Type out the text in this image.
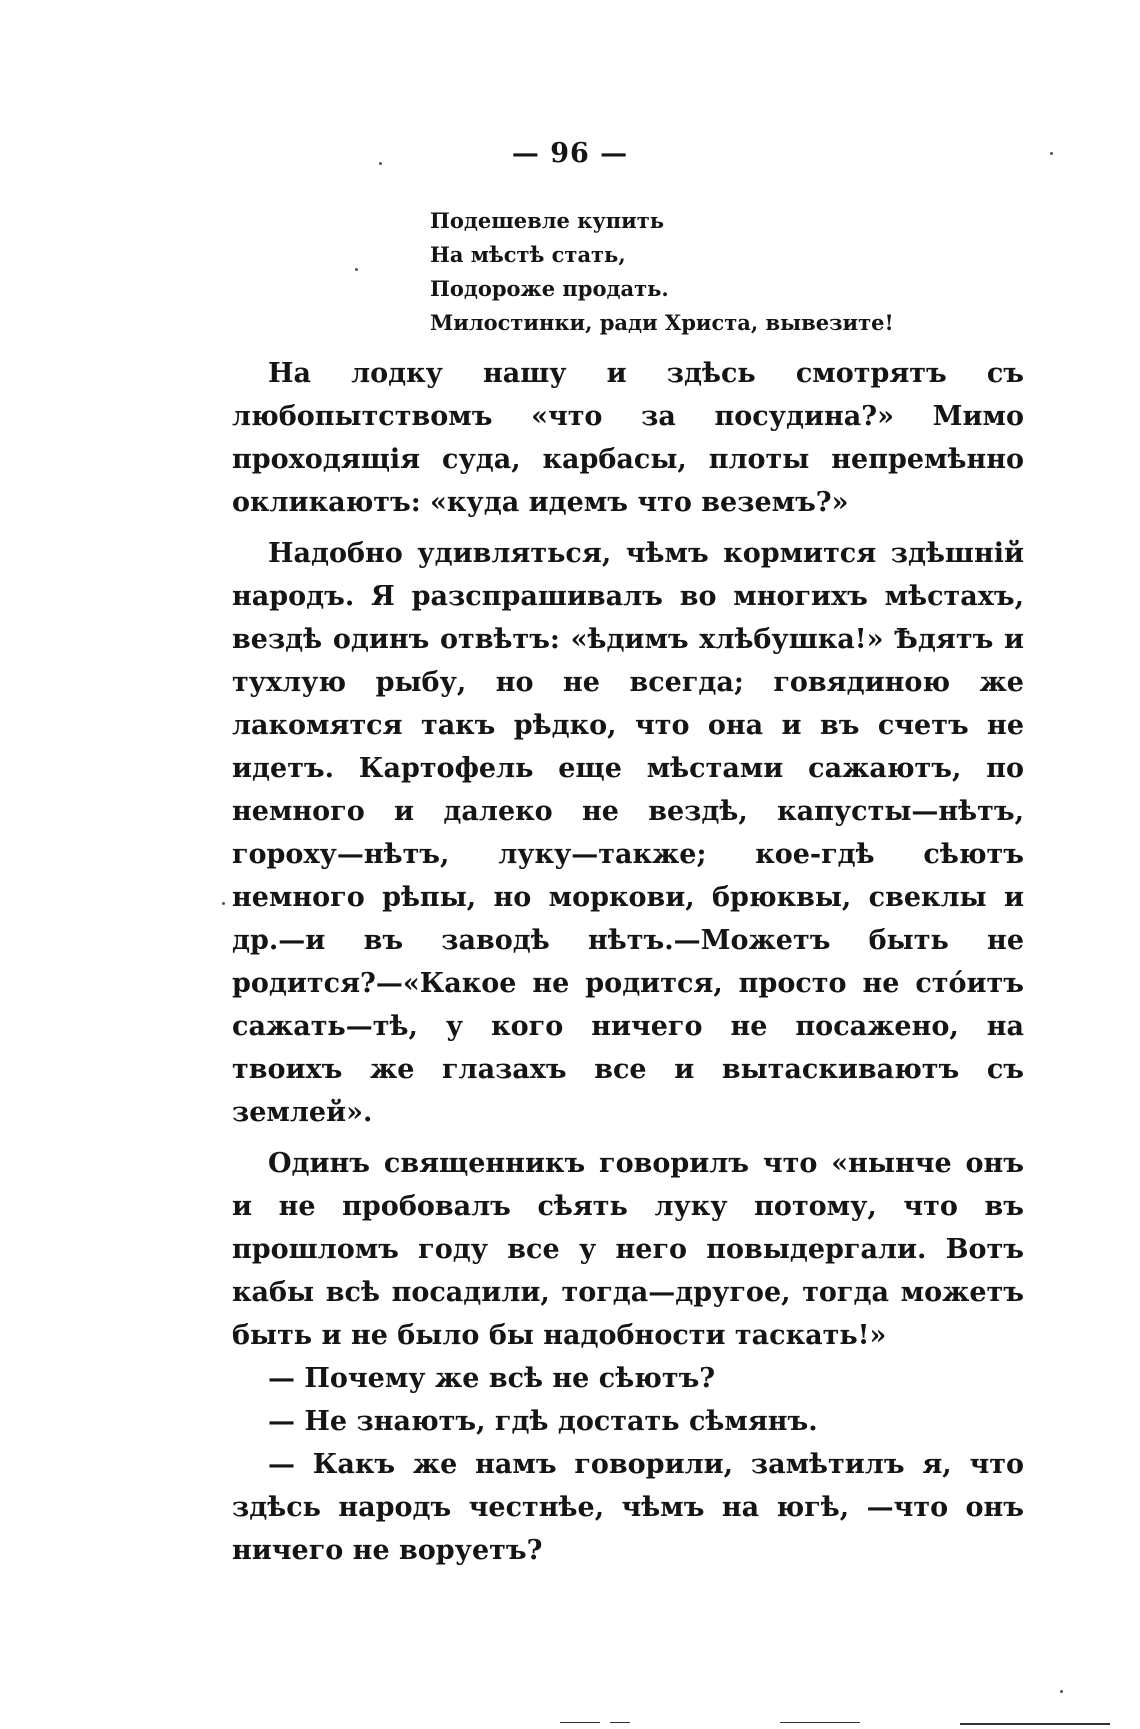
— 96 —
Подешевле купить
На мѣстѣ стать,
Подороже продать.
Милостинки, ради Христа, вывезите!

На лодку нашу и здѣсь смотрятъ съ любопытствомъ «что за посудина?» Мимо проходящія суда, карбасы, плоты непремѣнно окликаютъ: «куда идемъ что веземъ?»

Надобно удивляться, чѣмъ кормится здѣшній народъ. Я разспрашивалъ во многихъ мѣстахъ, вездѣ одинъ отвѣтъ: «ѣдимъ хлѣбушка!» Ѣдятъ и тухлую рыбу, но не всегда; говядиною же лакомятся такъ рѣдко, что она и въ счетъ не идетъ. Картофель еще мѣстами сажаютъ, по немного и далеко не вездѣ, капусты—нѣтъ, гороху—нѣтъ, луку—также; кое-гдѣ сѣютъ немного рѣпы, но моркови, брюквы, свеклы и др.—и въ заводѣ нѣтъ.—Можетъ быть не родится?—«Какое не родится, просто не стóитъ сажать—тѣ, у кого ничего не посажено, на твоихъ же глазахъ все и вытаскиваютъ съ землей».

Одинъ священникъ говорилъ что «нынче онъ и не пробовалъ сѣять луку потому, что въ прошломъ году все у него повыдергали. Вотъ кабы всѣ посадили, тогда—другое, тогда можетъ быть и не было бы надобности таскать!»

— Почему же всѣ не сѣютъ?

— Не знаютъ, гдѣ достать сѣмянъ.

— Какъ же намъ говорили, замѣтилъ я, что здѣсь народъ честнѣе, чѣмъ на югѣ, —что онъ ничего не воруетъ?
